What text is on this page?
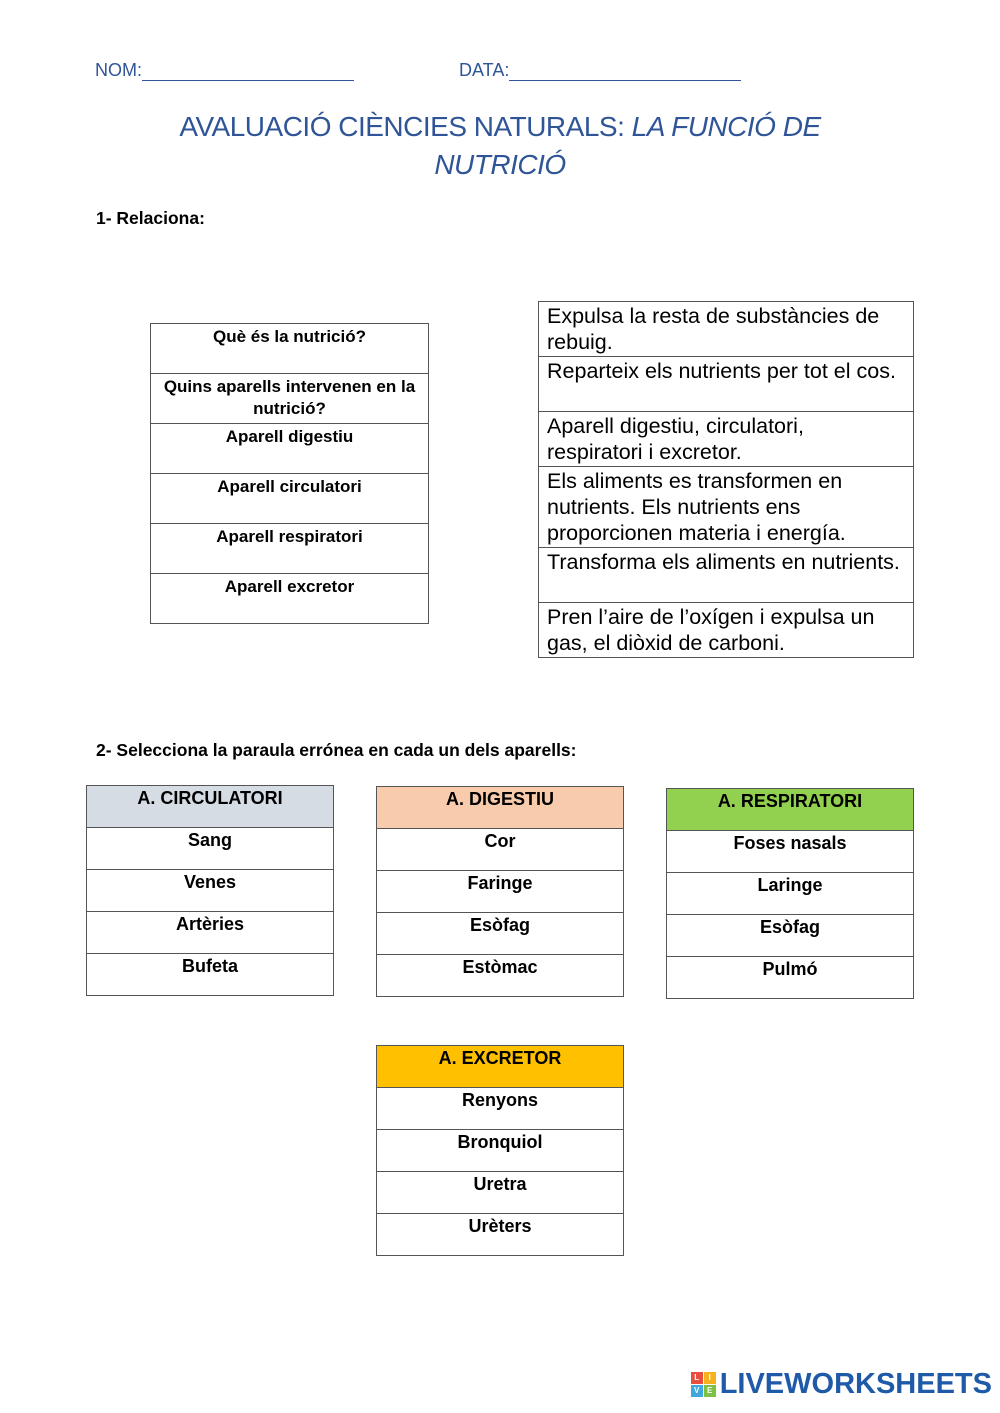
NOM:	DATA:
AVALUACIÓ CIÈNCIES NATURALS: LA FUNCIÓ DE
NUTRICIÓ
1- Relaciona:
Què és la nutrició?
Quins aparells intervenen en la nutrició?
Aparell digestiu
Aparell circulatori
Aparell respiratori
Aparell excretor
Expulsa la resta de substàncies de rebuig.
Reparteix els nutrients per tot el cos.
Aparell digestiu, circulatori, respiratori i excretor.
Els aliments es transformen en nutrients. Els nutrients ens proporcionen materia i energía.
Transforma els aliments en nutrients.
Pren l’aire de l’oxígen i expulsa un gas, el diòxid de carboni.
2- Selecciona la paraula errónea en cada un dels aparells:
A. CIRCULATORI
Sang
Venes
Artèries
Bufeta
A. DIGESTIU
Cor
Faringe
Esòfag
Estòmac
A. RESPIRATORI
Foses nasals
Laringe
Esòfag
Pulmó
A. EXCRETOR
Renyons
Bronquiol
Uretra
Urèters
L	I
V E LIVEWORKSHEETS
